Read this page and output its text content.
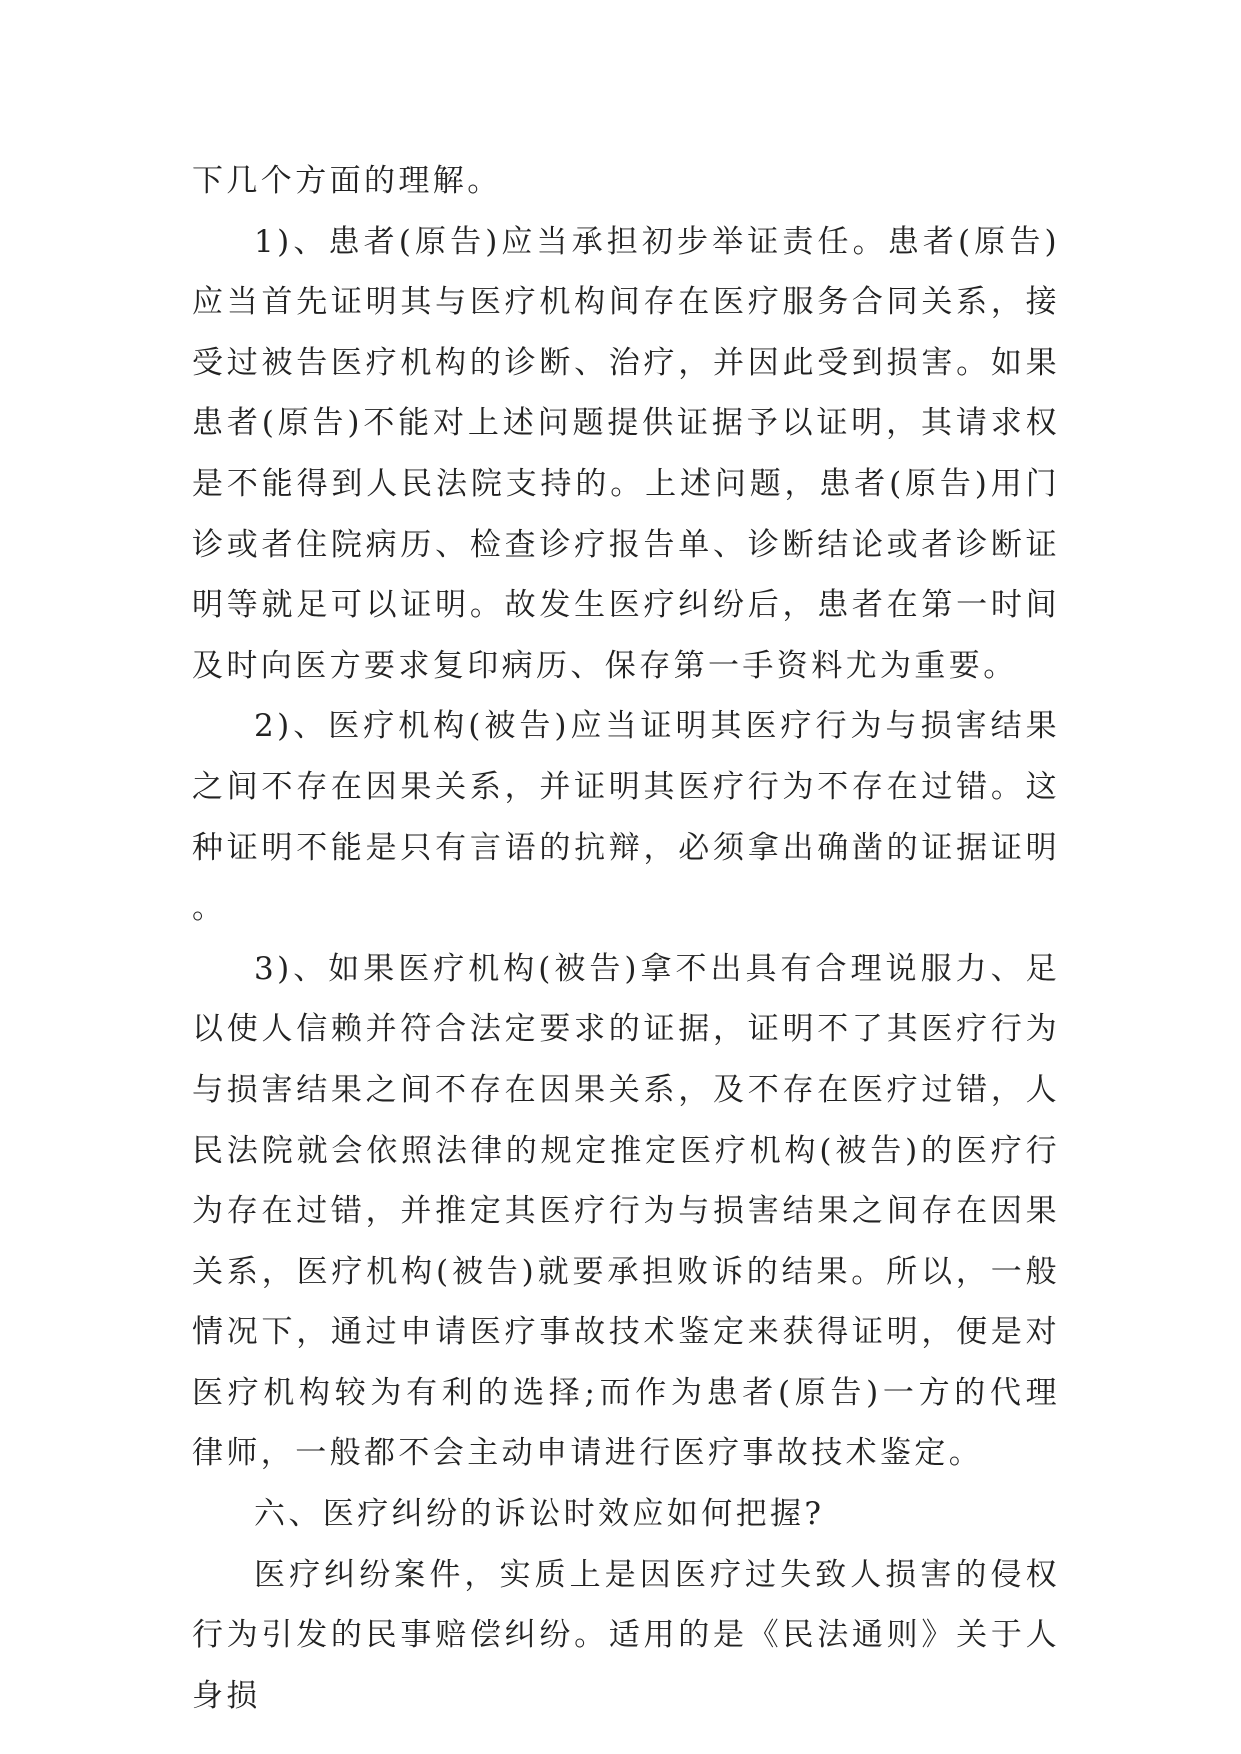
下几个方面的理解。

1)、患者(原告)应当承担初步举证责任。患者(原告)应当首先证明其与医疗机构间存在医疗服务合同关系，接受过被告医疗机构的诊断、治疗，并因此受到损害。如果患者(原告)不能对上述问题提供证据予以证明，其请求权是不能得到人民法院支持的。上述问题，患者(原告)用门诊或者住院病历、检查诊疗报告单、诊断结论或者诊断证明等就足可以证明。故发生医疗纠纷后，患者在第一时间及时向医方要求复印病历、保存第一手资料尤为重要。

2)、医疗机构(被告)应当证明其医疗行为与损害结果之间不存在因果关系，并证明其医疗行为不存在过错。这种证明不能是只有言语的抗辩，必须拿出确凿的证据证明。

3)、如果医疗机构(被告)拿不出具有合理说服力、足以使人信赖并符合法定要求的证据，证明不了其医疗行为与损害结果之间不存在因果关系，及不存在医疗过错，人民法院就会依照法律的规定推定医疗机构(被告)的医疗行为存在过错，并推定其医疗行为与损害结果之间存在因果关系，医疗机构(被告)就要承担败诉的结果。所以，一般情况下，通过申请医疗事故技术鉴定来获得证明，便是对医疗机构较为有利的选择;而作为患者(原告)一方的代理律师，一般都不会主动申请进行医疗事故技术鉴定。

六、医疗纠纷的诉讼时效应如何把握?

医疗纠纷案件，实质上是因医疗过失致人损害的侵权行为引发的民事赔偿纠纷。适用的是《民法通则》关于人身损
